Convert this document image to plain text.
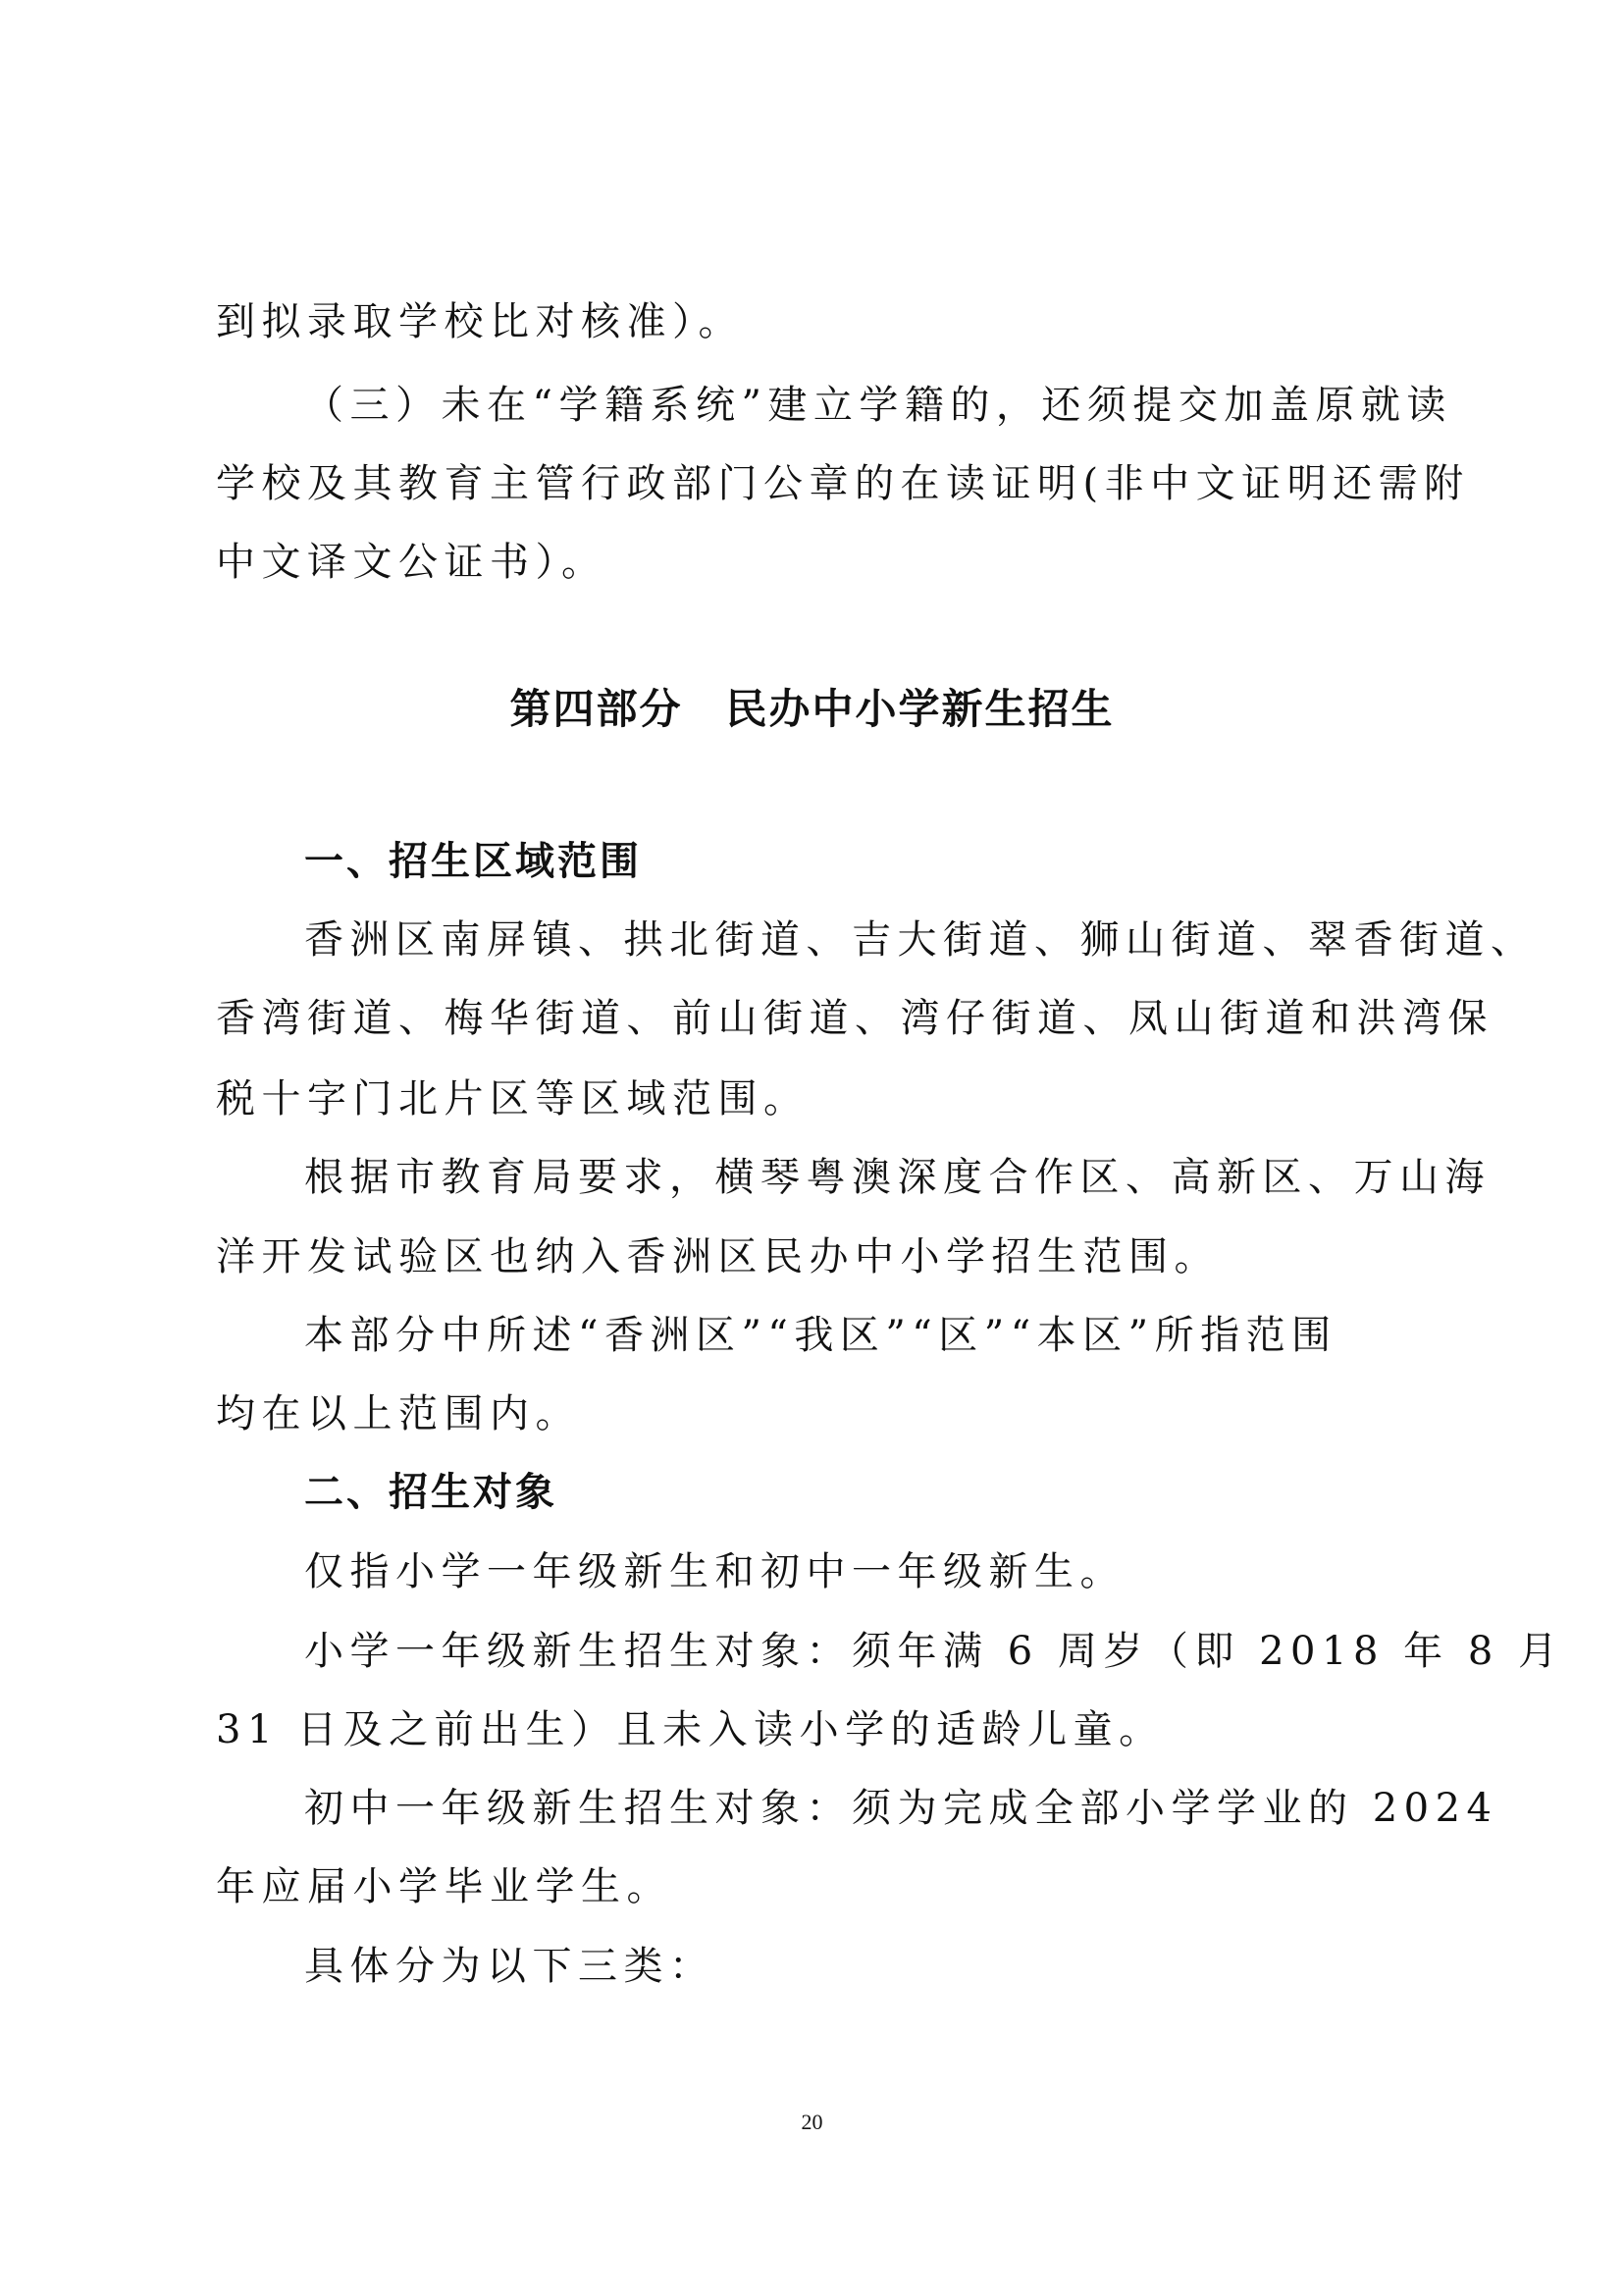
到拟录取学校比对核准）。
（三）未在“学籍系统”建立学籍的，还须提交加盖原就读
学校及其教育主管行政部门公章的在读证明(非中文证明还需附
中文译文公证书）。
第四部分　民办中小学新生招生
一、招生区域范围
香洲区南屏镇、拱北街道、吉大街道、狮山街道、翠香街道、
香湾街道、梅华街道、前山街道、湾仔街道、凤山街道和洪湾保
税十字门北片区等区域范围。
根据市教育局要求，横琴粤澳深度合作区、高新区、万山海
洋开发试验区也纳入香洲区民办中小学招生范围。
本部分中所述“香洲区”“我区”“区”“本区”所指范围
均在以上范围内。
二、招生对象
仅指小学一年级新生和初中一年级新生。
小学一年级新生招生对象：须年满 6 周岁（即 2018 年 8 月
31 日及之前出生）且未入读小学的适龄儿童。
初中一年级新生招生对象：须为完成全部小学学业的 2024
年应届小学毕业学生。
具体分为以下三类：
20
